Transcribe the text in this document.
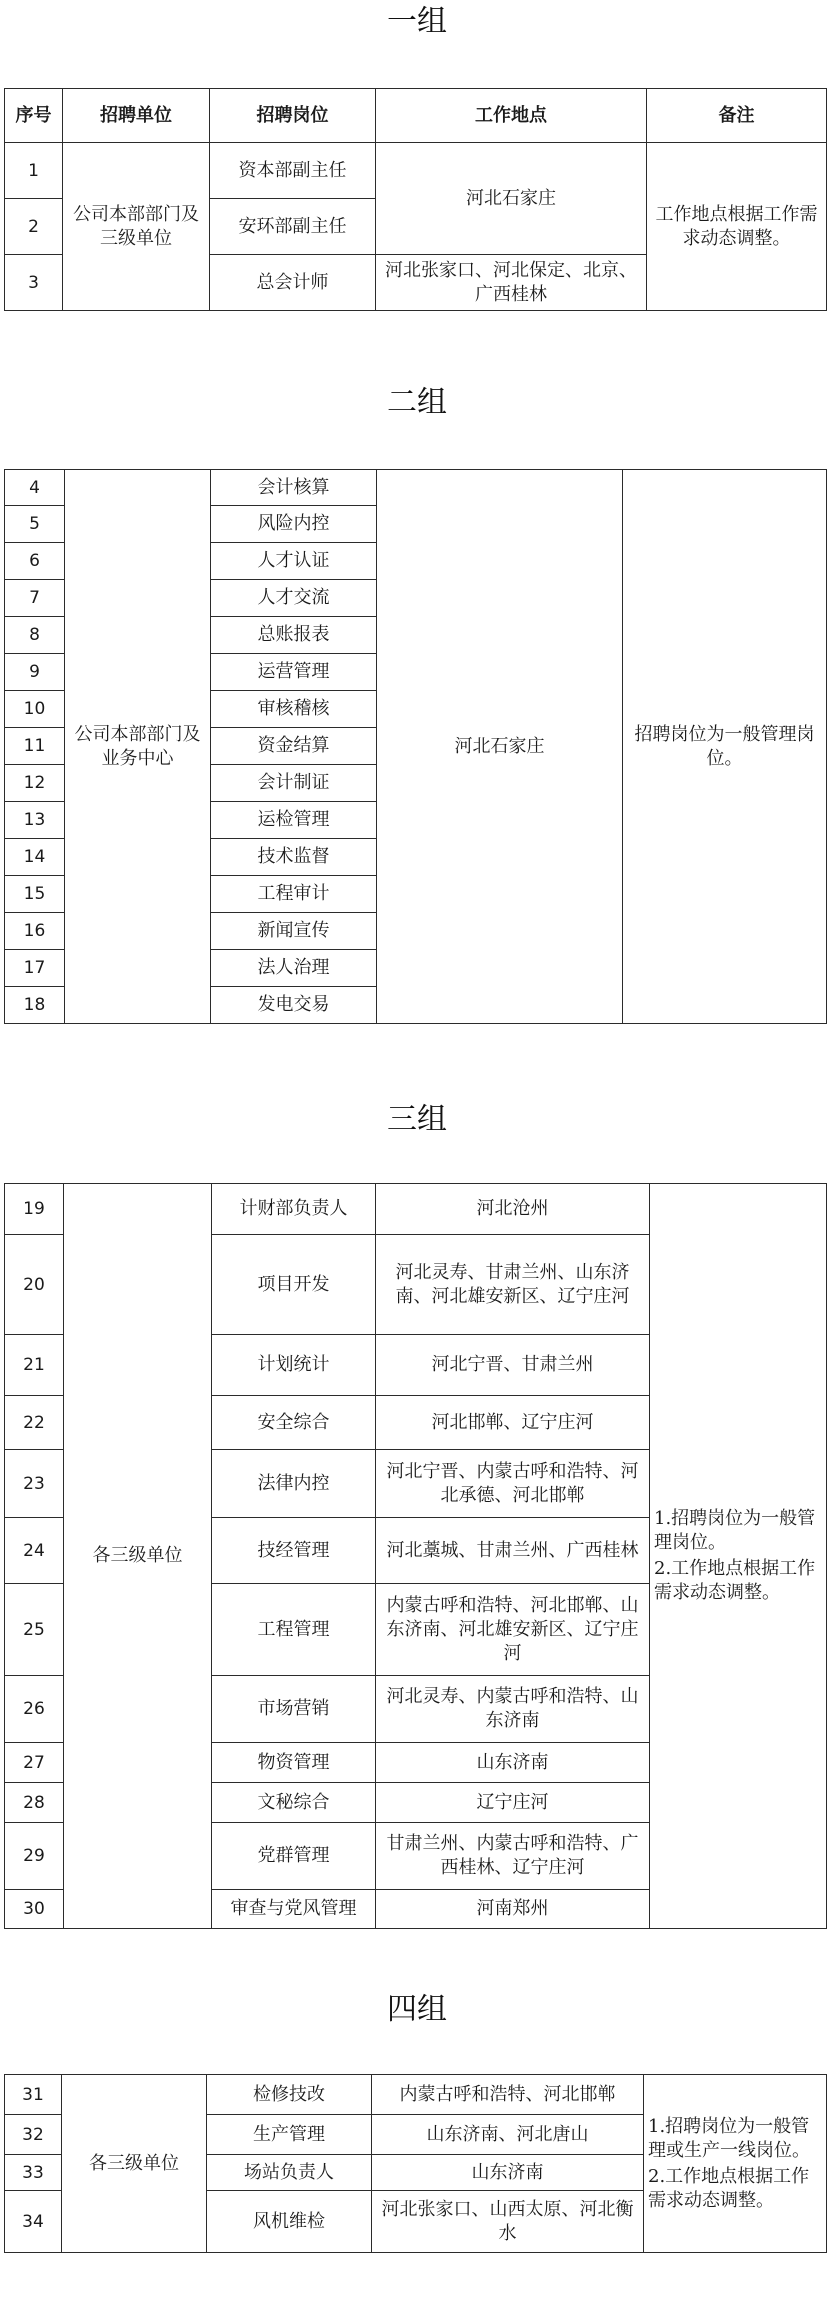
一组
序号	招聘单位	招聘岗位	工作地点	备注
1	公司本部部门及三级单位	资本部副主任	河北石家庄	工作地点根据工作需求动态调整。
2		安环部副主任		
3		总会计师	河北张家口、河北保定、北京、广西桂林	
二组
4	公司本部部门及业务中心	会计核算	河北石家庄	招聘岗位为一般管理岗位。
5		风险内控		
6		人才认证		
7		人才交流		
8		总账报表		
9		运营管理		
10		审核稽核		
11		资金结算		
12		会计制证		
13		运检管理		
14		技术监督		
15		工程审计		
16		新闻宣传		
17		法人治理		
18		发电交易		
三组
19	各三级单位	计财部负责人	河北沧州	1.招聘岗位为一般管理岗位。
2.工作地点根据工作需求动态调整。

20		项目开发	河北灵寿、甘肃兰州、山东济南、河北雄安新区、辽宁庄河	
21		计划统计	河北宁晋、甘肃兰州	
22		安全综合	河北邯郸、辽宁庄河	
23		法律内控	河北宁晋、内蒙古呼和浩特、河北承德、河北邯郸	
24		技经管理	河北藁城、甘肃兰州、广西桂林	
25		工程管理	内蒙古呼和浩特、河北邯郸、山东济南、河北雄安新区、辽宁庄河	
26		市场营销	河北灵寿、内蒙古呼和浩特、山东济南	
27		物资管理	山东济南	
28		文秘综合	辽宁庄河	
29		党群管理	甘肃兰州、内蒙古呼和浩特、广西桂林、辽宁庄河	
30		审查与党风管理	河南郑州	
四组
31	各三级单位	检修技改	内蒙古呼和浩特、河北邯郸	1.招聘岗位为一般管理或生产一线岗位。
2.工作地点根据工作需求动态调整。

32		生产管理	山东济南、河北唐山	
33		场站负责人	山东济南	
34		风机维检	河北张家口、山西太原、河北衡水	
